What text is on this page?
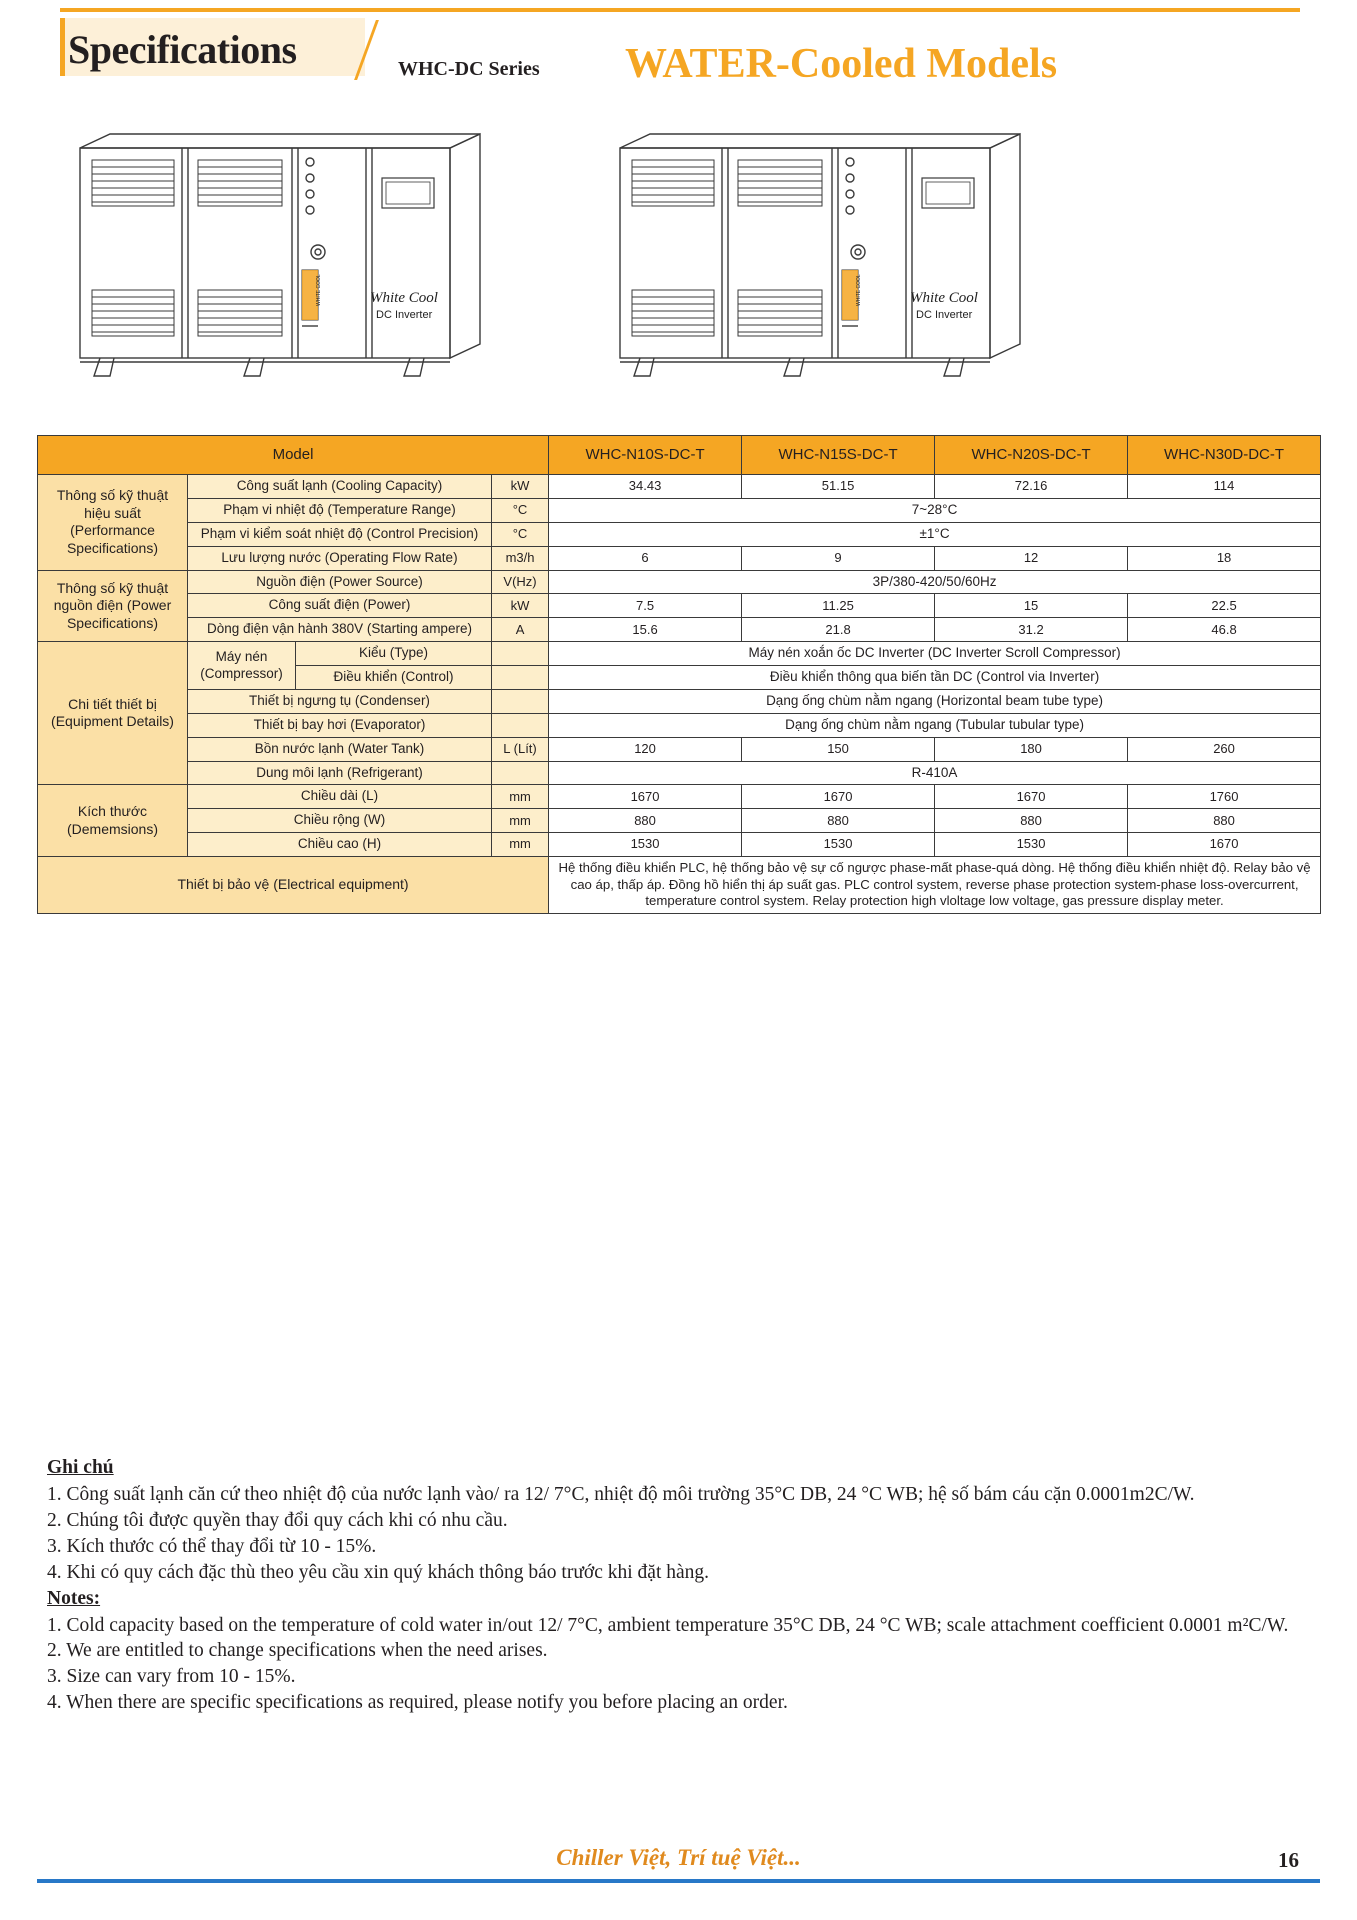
Specifications	WHC-DC Series WATER-Cooled Models
WHITE COOL	White Cool
DC Inverter
WHITE COOL	White Cool
DC Inverter
Model				WHC-N10S-DC-T	WHC-N15S-DC-T	WHC-N20S-DC-T	WHC-N30D-DC-T
Thông số kỹ thuật hiệu suất (Performance Specifications)	Công suất lạnh (Cooling Capacity)		kW	34.43	51.15	72.16	114
	Phạm vi nhiệt độ (Temperature Range)		°C	7~28°C			
	Phạm vi kiểm soát nhiệt độ (Control Precision)		°C	±1°C			
	Lưu lượng nước (Operating Flow Rate)		m3/h	6	9	12	18
Thông số kỹ thuật nguồn điện (Power Specifications)	Nguồn điện (Power Source)		V(Hz)	3P/380-420/50/60Hz			
	Công suất điện (Power)		kW	7.5	11.25	15	22.5
	Dòng điện vận hành 380V (Starting ampere)		A	15.6	21.8	31.2	46.8
Chi tiết thiết bị (Equipment Details)	Máy nén (Compressor)	Kiểu (Type)		Máy nén xoắn ốc DC Inverter (DC Inverter Scroll Compressor)			
		Điều khiển (Control)		Điều khiển thông qua biến tần DC (Control via Inverter)			
	Thiết bị ngưng tụ (Condenser)			Dạng ống chùm nằm ngang (Horizontal beam tube type)			
	Thiết bị bay hơi (Evaporator)			Dạng ống chùm nằm ngang (Tubular tubular type)			
	Bồn nước lạnh (Water Tank)		L (Lít)	120	150	180	260
	Dung môi lạnh (Refrigerant)			R-410A			
Kích thước (Dememsions)	Chiều dài (L)		mm	1670	1670	1670	1760
	Chiều rộng (W)		mm	880	880	880	880
	Chiều cao (H)		mm	1530	1530	1530	1670
Thiết bị bảo vệ (Electrical equipment)				Hệ thống điều khiển PLC, hệ thống bảo vệ sự cố ngược phase-mất phase-quá dòng. Hệ thống điều khiển nhiệt độ. Relay bảo vệ cao áp, thấp áp. Đồng hồ hiển thị áp suất gas. PLC control system, reverse phase protection system-phase loss-overcurrent, temperature control system. Relay protection high vloltage low voltage, gas pressure display meter.			
Ghi chú

1. Công suất lạnh căn cứ theo nhiệt độ của nước lạnh vào/ ra 12/ 7°C, nhiệt độ môi trường 35°C DB, 24 °C WB; hệ số bám cáu cặn 0.0001m2C/W.

2. Chúng tôi được quyền thay đổi quy cách khi có nhu cầu.

3. Kích thước có thể thay đổi từ 10 - 15%.

4. Khi có quy cách đặc thù theo yêu cầu xin quý khách thông báo trước khi đặt hàng.

Notes:

1. Cold capacity based on the temperature of cold water in/out 12/ 7°C, ambient temperature 35°C DB, 24 °C WB; scale attachment coefficient 0.0001 m²C/W.

2. We are entitled to change specifications when the need arises.

3. Size can vary from 10 - 15%.

4. When there are specific specifications as required, please notify you before placing an order.

Chiller Việt, Trí tuệ Việt...	16
